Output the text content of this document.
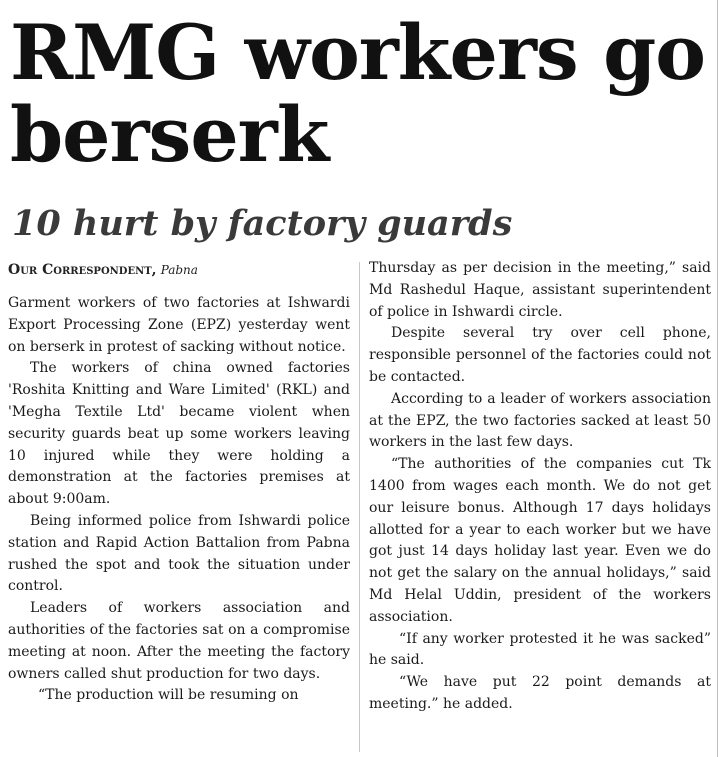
RMG workers go berserk
10 hurt by factory guards
Our Correspondent, Pabna

Garment workers of two factories at Ishwardi Export Processing Zone (EPZ) yesterday went on berserk in protest of sacking without notice.

The workers of china owned factories 'Roshita Knitting and Ware Limited' (RKL) and 'Megha Textile Ltd' became violent when security guards beat up some workers leaving 10 injured while they were holding a demonstration at the factories premises at about 9:00am.

Being informed police from Ishwardi police station and Rapid Action Battalion from Pabna rushed the spot and took the situation under control.

Leaders of workers association and authorities of the factories sat on a compromise meeting at noon. After the meeting the factory owners called shut production for two days.

“The production will be resuming on

Thursday as per decision in the meeting,” said Md Rashedul Haque, assistant superintendent of police in Ishwardi circle.

Despite several try over cell phone, responsible personnel of the factories could not be contacted.

According to a leader of workers association at the EPZ, the two factories sacked at least 50 workers in the last few days.

“The authorities of the companies cut Tk 1400 from wages each month. We do not get our leisure bonus. Although 17 days holidays allotted for a year to each worker but we have got just 14 days holiday last year. Even we do not get the salary on the annual holidays,” said Md Helal Uddin, president of the workers association.

“If any worker protested it he was sacked” he said.

“We have put 22 point demands at meeting.” he added.
